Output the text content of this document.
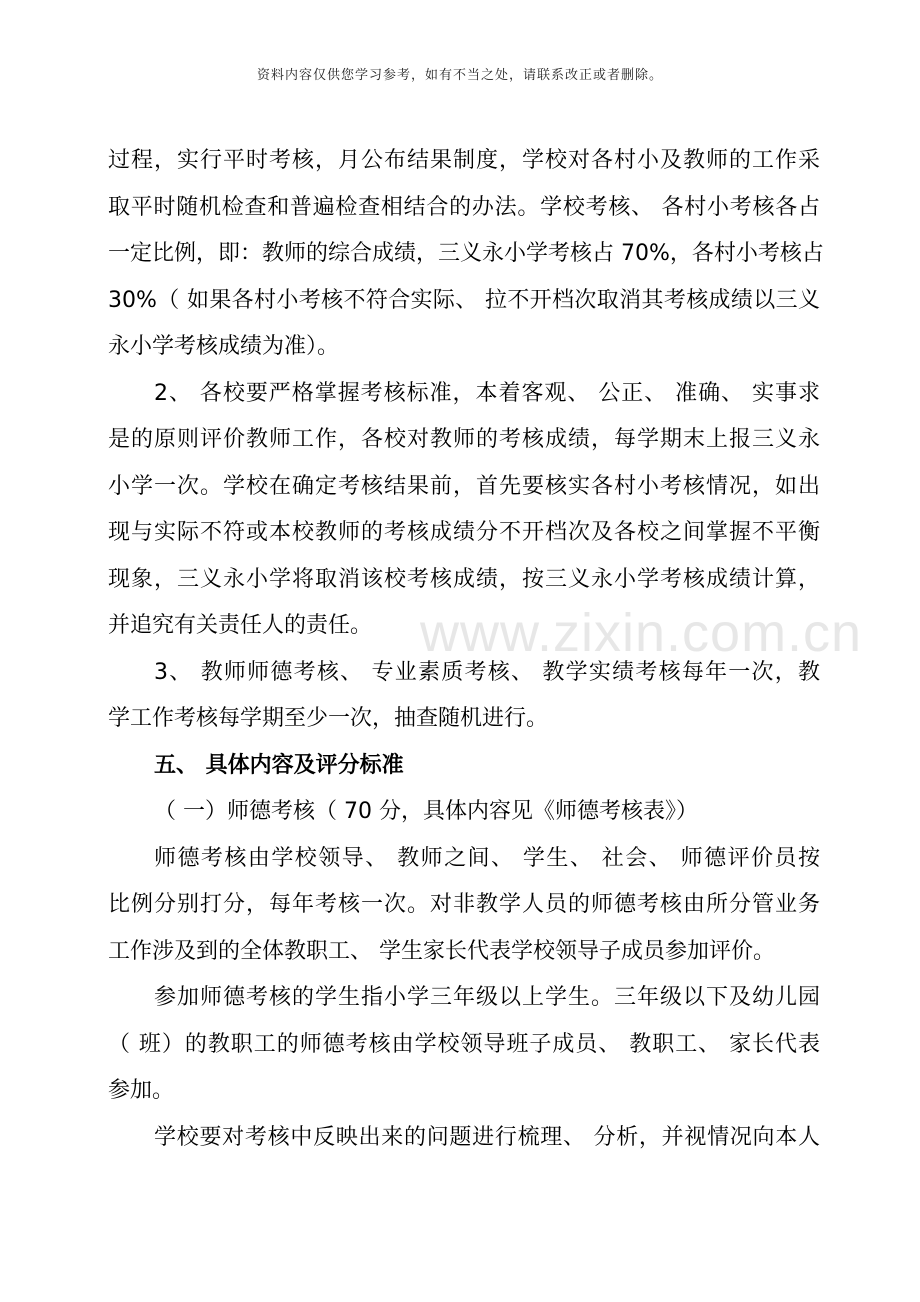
资料内容仅供您学习参考，如有不当之处，请联系改正或者删除。
www.zixin.com.cn
过程，实行平时考核，月公布结果制度，学校对各村小及教师的工作采
取平时随机检查和普遍检查相结合的办法。学校考核、 各村小考核各占
一定比例，即：教师的综合成绩，三义永小学考核占 70%，各村小考核占
30%（ 如果各村小考核不符合实际、 拉不开档次取消其考核成绩以三义
永小学考核成绩为准）。
2、 各校要严格掌握考核标准，本着客观、 公正、 准确、 实事求
是的原则评价教师工作，各校对教师的考核成绩，每学期末上报三义永
小学一次。学校在确定考核结果前，首先要核实各村小考核情况，如出
现与实际不符或本校教师的考核成绩分不开档次及各校之间掌握不平衡
现象，三义永小学将取消该校考核成绩，按三义永小学考核成绩计算，
并追究有关责任人的责任。
3、 教师师德考核、 专业素质考核、 教学实绩考核每年一次，教
学工作考核每学期至少一次，抽查随机进行。
五、 具体内容及评分标准
（ 一）师德考核（ 70 分，具体内容见《师德考核表》）
师德考核由学校领导、 教师之间、 学生、 社会、 师德评价员按
比例分别打分，每年考核一次。对非教学人员的师德考核由所分管业务
工作涉及到的全体教职工、 学生家长代表学校领导子成员参加评价。
参加师德考核的学生指小学三年级以上学生。三年级以下及幼儿园
（ 班）的教职工的师德考核由学校领导班子成员、 教职工、 家长代表
参加。
学校要对考核中反映出来的问题进行梳理、 分析，并视情况向本人
